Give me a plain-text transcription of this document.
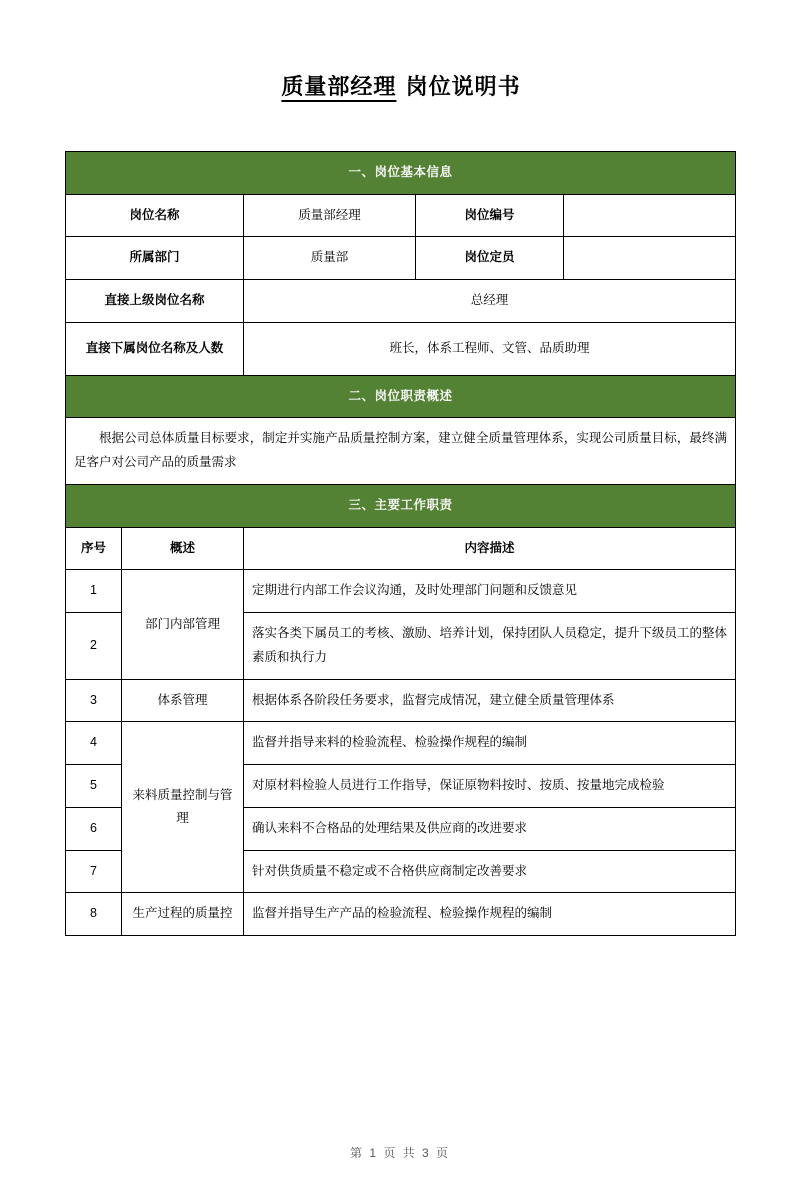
质量部经理 岗位说明书
一、岗位基本信息			
岗位名称	质量部经理	岗位编号	
所属部门	质量部	岗位定员	
直接上级岗位名称	总经理		
直接下属岗位名称及人数	班长，体系工程师、文管、品质助理		
二、岗位职责概述			
根据公司总体质量目标要求，制定并实施产品质量控制方案，建立健全质量管理体系，实现公司质量目标，最终满足客户对公司产品的质量需求			
三、主要工作职责			
序号	概述	内容描述
1	部门内部管理	定期进行内部工作会议沟通，及时处理部门问题和反馈意见
2		落实各类下属员工的考核、激励、培养计划，保持团队人员稳定，提升下级员工的整体素质和执行力
3	体系管理	根据体系各阶段任务要求，监督完成情况，建立健全质量管理体系
4	来料质量控制与管理	监督并指导来料的检验流程、检验操作规程的编制
5		对原材料检验人员进行工作指导，保证原物料按时、按质、按量地完成检验
6		确认来料不合格品的处理结果及供应商的改进要求
7		针对供货质量不稳定或不合格供应商制定改善要求
8	生产过程的质量控	监督并指导生产产品的检验流程、检验操作规程的编制
第 1 页 共 3 页
